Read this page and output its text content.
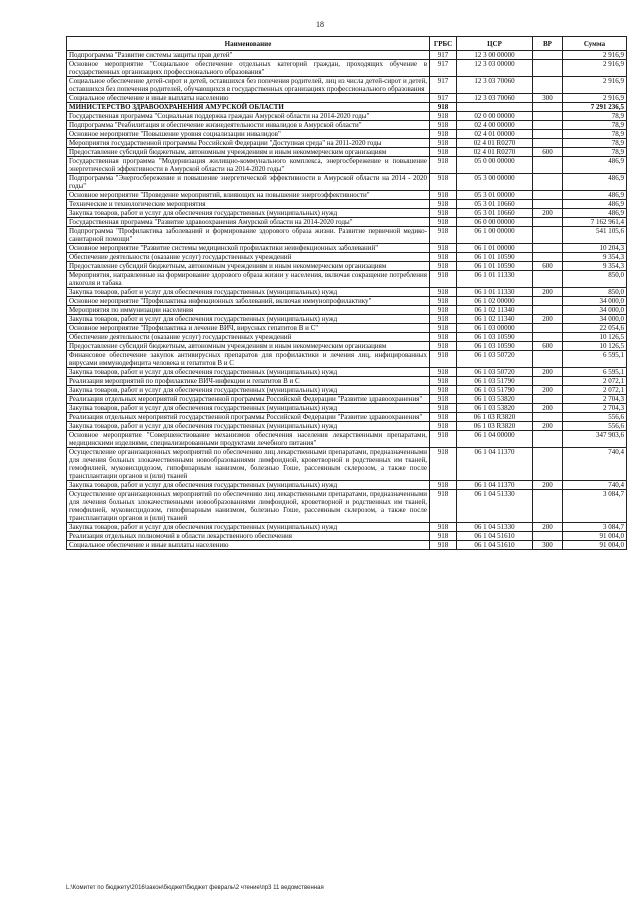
18
Наименование	ГРБС	ЦСР	ВР	Сумма
Подпрограмма "Развитие системы защиты прав детей"	917	12 3 00 00000		2 916,9
Основное мероприятие "Социальное обеспечение отдельных категорий граждан, проходящих обучение в государственных организациях профессионального образования"	917	12 3 03 00000		2 916,9
Социальное обеспечение детей-сирот и детей, оставшихся без попечения родителей, лиц из числа детей-сирот и детей, оставшихся без попечения родителей, обучающихся в государственных организациях профессионального образования	917	12 3 03 70060		2 916,9
Социальное обеспечение и иные выплаты населению	917	12 3 03 70060	300	2 916,9
МИНИСТЕРСТВО ЗДРАВООХРАНЕНИЯ АМУРСКОЙ ОБЛАСТИ	918			7 291 236,5
Государственная программа "Социальная поддержка граждан Амурской области на 2014-2020 годы"	918	02 0 00 00000		78,9
Подпрограмма "Реабилитация и обеспечение жизнедеятельности инвалидов в Амурской области"	918	02 4 00 00000		78,9
Основное мероприятие "Повышение уровня социализации инвалидов"	918	02 4 01 00000		78,9
Мероприятия государственной программы Российской Федерации "Доступная среда" на 2011-2020 годы	918	02 4 01 R0270		78,9
Предоставление субсидий бюджетным, автономным учреждениям и иным некоммерческим организациям	918	02 4 01 R0270	600	78,9
Государственная программа "Модернизация жилищно-коммунального комплекса, энергосбережение и повышение энергетической эффективности в Амурской области на 2014-2020 годы"	918	05 0 00 00000		486,9
Подпрограмма "Энергосбережение и повышение энергетической эффективности в Амурской области на 2014 - 2020 годы"	918	05 3 00 00000		486,9
Основное мероприятие "Проведение мероприятий, влияющих на повышение энергоэффективности"	918	05 3 01 00000		486,9
Технические и технологические мероприятия	918	05 3 01 10660		486,9
Закупка товаров, работ и услуг для обеспечения государственных (муниципальных) нужд	918	05 3 01 10660	200	486,9
Государственная программа "Развитие здравоохранения Амурской области на 2014-2020 годы"	918	06 0 00 00000		7 162 961,4
Подпрограмма "Профилактика заболеваний и формирование здорового образа жизни. Развитие первичной медико-санитарной помощи"	918	06 1 00 00000		541 105,6
Основное мероприятие "Развитие системы медицинской профилактики неинфекционных заболеваний"	918	06 1 01 00000		10 204,3
Обеспечение деятельности (оказание услуг) государственных учреждений	918	06 1 01 10590		9 354,3
Предоставление субсидий бюджетным, автономным учреждениям и иным некоммерческим организациям	918	06 1 01 10590	600	9 354,3
Мероприятия, направленные на формирование здорового образа жизни у населения, включая сокращение потребления алкоголя и табака	918	06 1 01 11330		850,0
Закупка товаров, работ и услуг для обеспечения государственных (муниципальных) нужд	918	06 1 01 11330	200	850,0
Основное мероприятие "Профилактика инфекционных заболеваний, включая иммунопрофилактику"	918	06 1 02 00000		34 000,0
Мероприятия по иммунизации населения	918	06 1 02 11340		34 000,0
Закупка товаров, работ и услуг для обеспечения государственных (муниципальных) нужд	918	06 1 02 11340	200	34 000,0
Основное мероприятие "Профилактика и лечение ВИЧ, вирусных гепатитов В и С"	918	06 1 03 00000		22 054,6
Обеспечение деятельности (оказание услуг) государственных учреждений	918	06 1 03 10590		10 126,5
Предоставление субсидий бюджетным, автономным учреждениям и иным некоммерческим организациям	918	06 1 03 10590	600	10 126,5
Финансовое обеспечение закупок антивирусных препаратов для профилактики и лечения лиц, инфицированных вирусами иммунодефицита человека и гепатитов В и С	918	06 1 03 50720		6 595,1
Закупка товаров, работ и услуг для обеспечения государственных (муниципальных) нужд	918	06 1 03 50720	200	6 595,1
Реализация мероприятий по профилактике ВИЧ-инфекции и гепатитов В и С	918	06 1 03 51790		2 072,1
Закупка товаров, работ и услуг для обеспечения государственных (муниципальных) нужд	918	06 1 03 51790	200	2 072,1
Реализация отдельных мероприятий государственной программы Российской Федерации "Развитие здравоохранения"	918	06 1 03 53820		2 704,3
Закупка товаров, работ и услуг для обеспечения государственных (муниципальных) нужд	918	06 1 03 53820	200	2 704,3
Реализация отдельных мероприятий государственной программы Российской Федерации "Развитие здравоохранения"	918	06 1 03 R3820		556,6
Закупка товаров, работ и услуг для обеспечения государственных (муниципальных) нужд	918	06 1 03 R3820	200	556,6
Основное мероприятие "Совершенствование механизмов обеспечения населения лекарственными препаратами, медицинскими изделиями, специализированными продуктами лечебного питания"	918	06 1 04 00000		347 903,6
Осуществление организационных мероприятий по обеспечению лиц лекарственными препаратами, предназначенными для лечения больных злокачественными новообразованиями лимфоидной, кроветворной и родственных им тканей, гемофилией, муковисцидозом, гипофизарным нанизмом, болезнью Гоше, рассеянным склерозом, а также после трансплантации органов и (или) тканей	918	06 1 04 11370		740,4
Закупка товаров, работ и услуг для обеспечения государственных (муниципальных) нужд	918	06 1 04 11370	200	740,4
Осуществление организационных мероприятий по обеспечению лиц лекарственными препаратами, предназначенными для лечения больных злокачественными новообразованиями лимфоидной, кроветворной и родственных им тканей, гемофилией, муковисцидозом, гипофизарным нанизмом, болезнью Гоше, рассеянным склерозом, а также после трансплантации органов и (или) тканей	918	06 1 04 51330		3 084,7
Закупка товаров, работ и услуг для обеспечения государственных (муниципальных) нужд	918	06 1 04 51330	200	3 084,7
Реализация отдельных полномочий в области лекарственного обеспечения	918	06 1 04 51610		91 004,0
Социальное обеспечение и иные выплаты населению	918	06 1 04 51610	300	91 004,0
L:\Комитет по бюджету\2016\закон\бюджет\бюджет февраль\2 чтение\пр3 11 ведомственная
